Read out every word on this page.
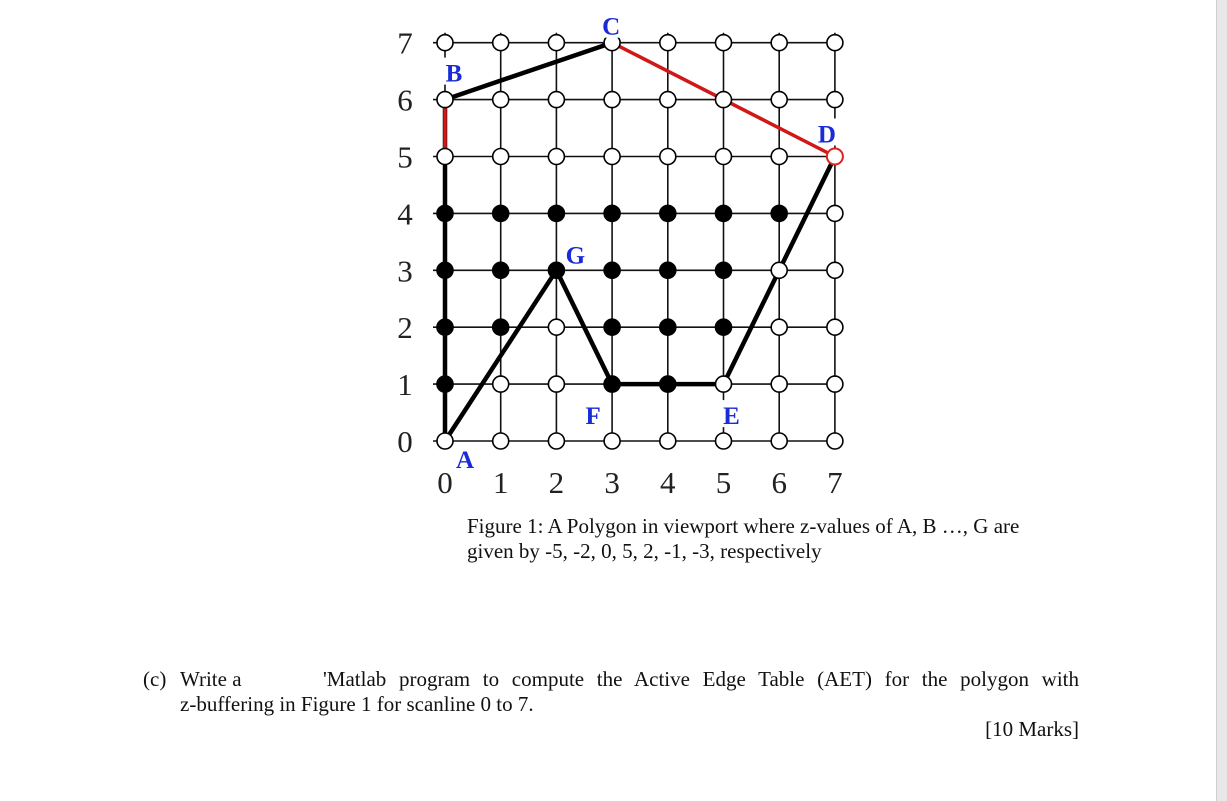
0
1
2
3
4
5
6
7
0 1 2 3 4 5 6 7
A
B
C
D
E
F
G
Figure 1: A Polygon in viewport where z-values of A, B …, G are
given by -5, -2, 0, 5, 2, -1, -3, respectively
(c) Write a	'Matlab program to compute the Active Edge Table (AET) for the polygon with
z-buffering in Figure 1 for scanline 0 to 7.
[10 Marks]
